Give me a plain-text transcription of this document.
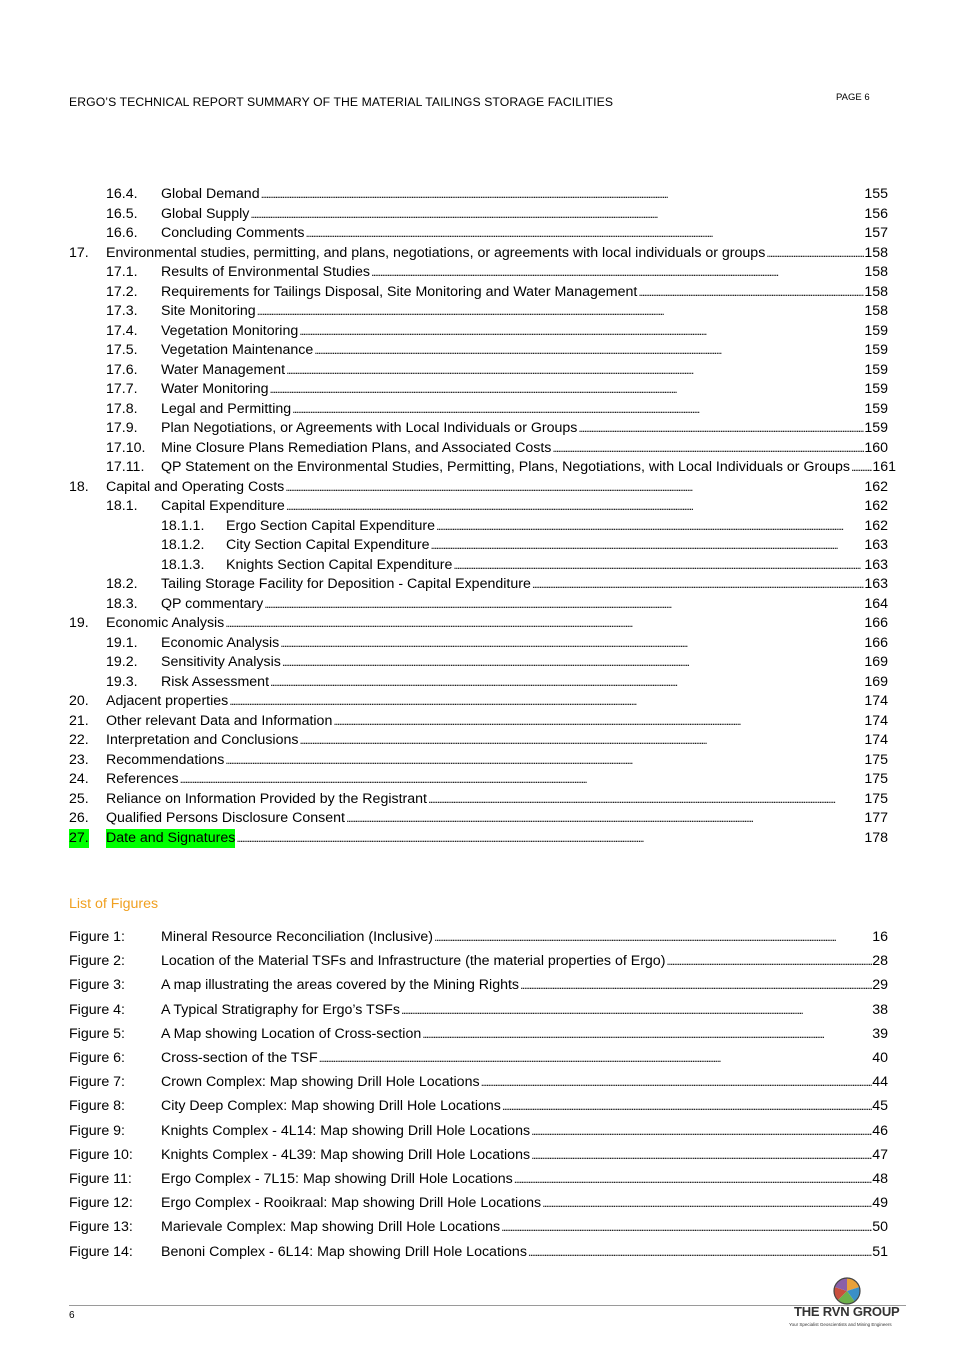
ERGO’S TECHNICAL REPORT SUMMARY OF THE MATERIAL TAILINGS STORAGE FACILITIES	PAGE 6
16.4. Global Demand . . .	155
16.5. Global Supply . . .	156
16.6. Concluding Comments . . .	157
17. Environmental studies, permitting, and plans, negotiations, or agreements with local individuals or groups . . .	158
17.1. Results of Environmental Studies . . .	158
17.2. Requirements for Tailings Disposal, Site Monitoring and Water Management . . .	158
17.3. Site Monitoring . . .	158
17.4. Vegetation Monitoring . . .	159
17.5. Vegetation Maintenance . . .	159
17.6. Water Management . . .	159
17.7. Water Monitoring . . .	159
17.8. Legal and Permitting . . .	159
17.9. Plan Negotiations, or Agreements with Local Individuals or Groups . . .	159
17.10. Mine Closure Plans Remediation Plans, and Associated Costs . . .	160
17.11. QP Statement on the Environmental Studies, Permitting, Plans, Negotiations, with Local Individuals or Groups . . . 161
18. Capital and Operating Costs . . .	162
18.1. Capital Expenditure . . .	162
18.1.1. Ergo Section Capital Expenditure . . .	162
18.1.2. City Section Capital Expenditure . . .	163
18.1.3. Knights Section Capital Expenditure . . .	163
18.2. Tailing Storage Facility for Deposition - Capital Expenditure . . .	163
18.3. QP commentary . . .	164
19. Economic Analysis . . .	166
19.1. Economic Analysis . . .	166
19.2. Sensitivity Analysis . . .	169
19.3. Risk Assessment . . .	169
20. Adjacent properties . . .	174
21. Other relevant Data and Information . . .	174
22. Interpretation and Conclusions . . .	174
23. Recommendations . . .	175
24. References . . .	175
25. Reliance on Information Provided by the Registrant . . .	175
26. Qualified Persons Disclosure Consent . . .	177
27. Date and Signatures . . .	178
List of Figures
Figure 1:	Mineral Resource Reconciliation (Inclusive) . . .	16
Figure 2:	Location of the Material TSFs and Infrastructure (the material properties of Ergo) . . .	28
Figure 3:	A map illustrating the areas covered by the Mining Rights . . .	29
Figure 4:	A Typical Stratigraphy for Ergo’s TSFs . . .	38
Figure 5:	A Map showing Location of Cross-section . . .	39
Figure 6:	Cross-section of the TSF . . .	40
Figure 7:	Crown Complex: Map showing Drill Hole Locations . . .	44
Figure 8:	City Deep Complex: Map showing Drill Hole Locations . . .	45
Figure 9:	Knights Complex - 4L14: Map showing Drill Hole Locations . . .	46
Figure 10: Knights Complex - 4L39: Map showing Drill Hole Locations . . .	47
Figure 11: Ergo Complex - 7L15: Map showing Drill Hole Locations . . .	48
Figure 12: Ergo Complex - Rooikraal: Map showing Drill Hole Locations . . .	49
Figure 13: Marievale Complex: Map showing Drill Hole Locations . . .	50
Figure 14: Benoni Complex - 6L14: Map showing Drill Hole Locations . . .	51
6	THE RVN GROUP
Your Specialist Geoscientists and Mining Engineers
